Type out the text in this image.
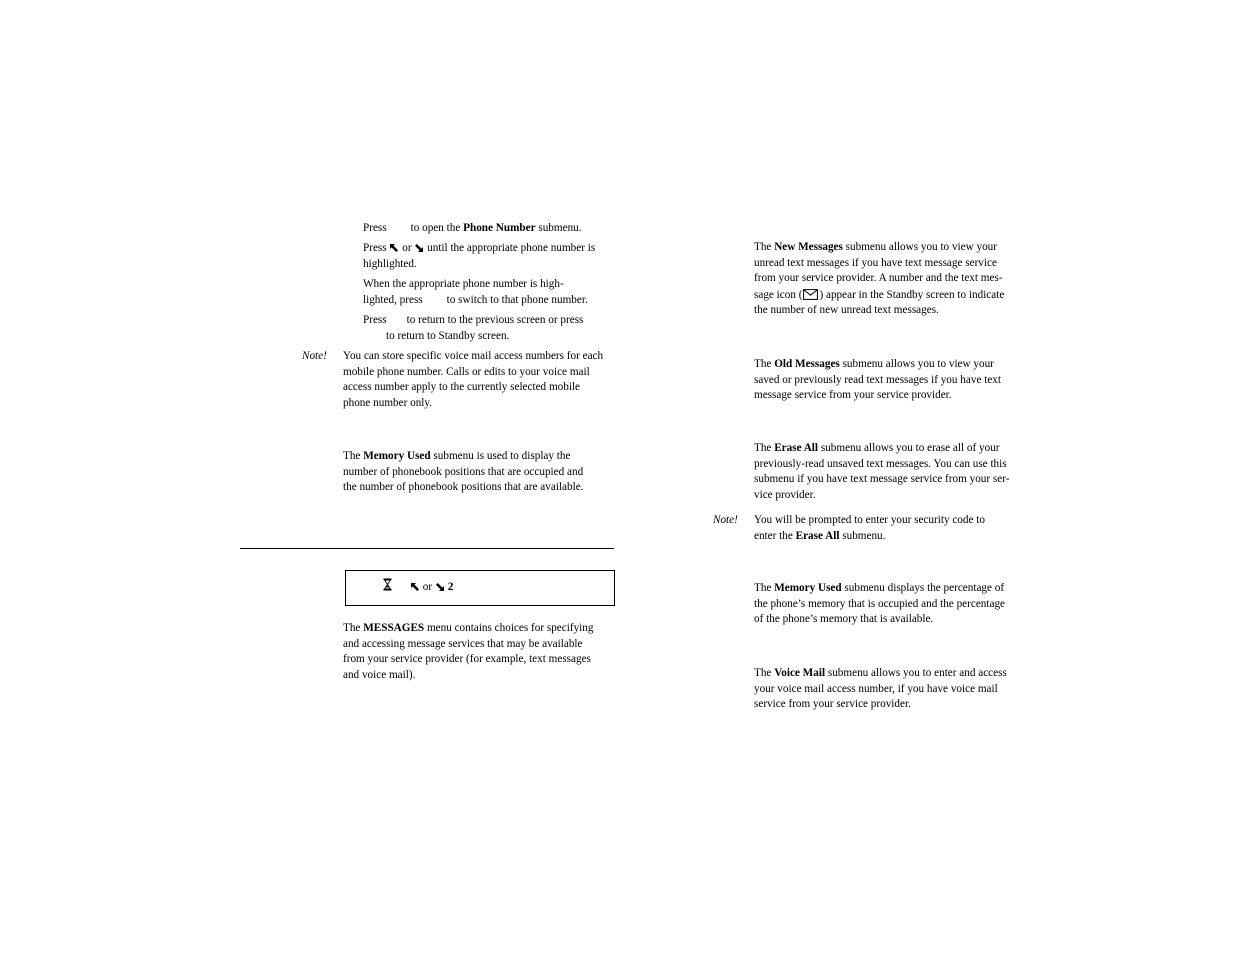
Press to open the Phone Number submenu.
Press or until the appropriate phone number is
highlighted.
When the appropriate phone number is high-
lighted, press to switch to that phone number.
Press to return to the previous screen or press
to return to Standby screen.
Note! You can store specific voice mail access numbers for each
mobile phone number. Calls or edits to your voice mail
access number apply to the currently selected mobile
phone number only.
The Memory Used submenu is used to display the
number of phonebook positions that are occupied and
the number of phonebook positions that are available.
or 2
The MESSAGES menu contains choices for specifying
and accessing message services that may be available
from your service provider (for example, text messages
and voice mail).
The New Messages submenu allows you to view your
unread text messages if you have text message service
from your service provider. A number and the text mes-
sage icon ( ) appear in the Standby screen to indicate
the number of new unread text messages.
The Old Messages submenu allows you to view your
saved or previously read text messages if you have text
message service from your service provider.
The Erase All submenu allows you to erase all of your
previously-read unsaved text messages. You can use this
submenu if you have text message service from your ser-
vice provider.
Note! You will be prompted to enter your security code to
enter the Erase All submenu.
The Memory Used submenu displays the percentage of
the phone’s memory that is occupied and the percentage
of the phone’s memory that is available.
The Voice Mail submenu allows you to enter and access
your voice mail access number, if you have voice mail
service from your service provider.
